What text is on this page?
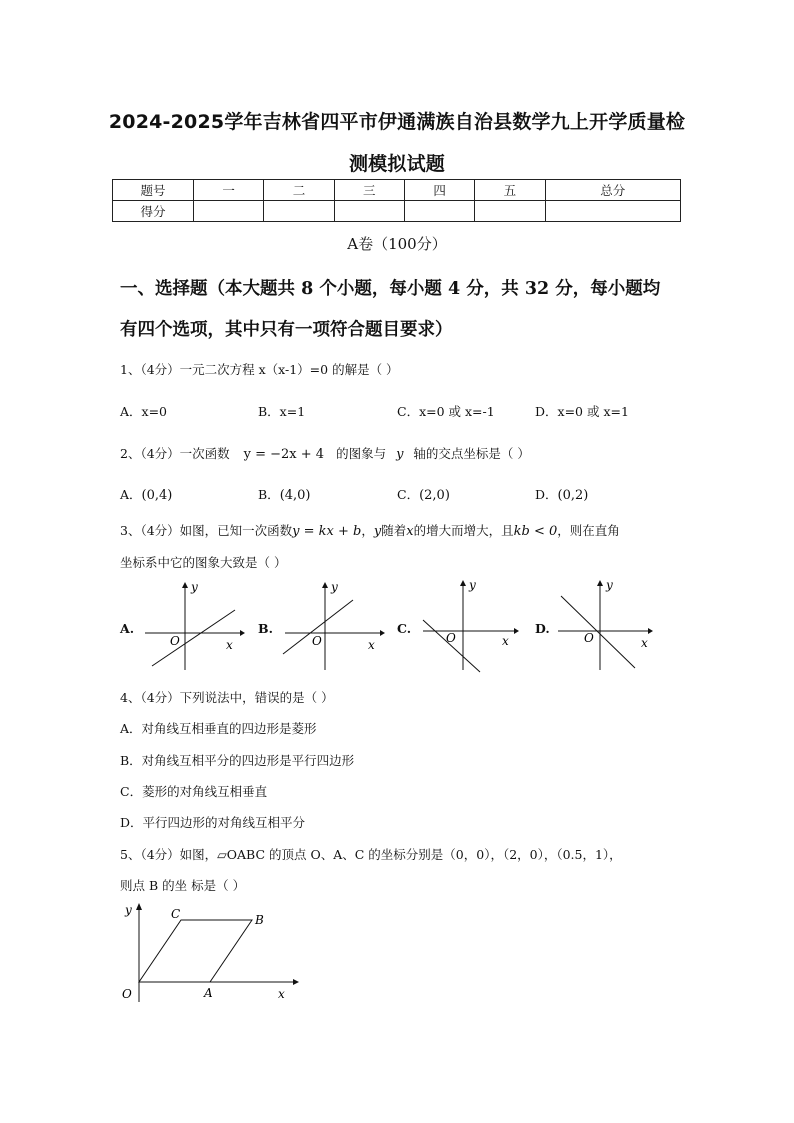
2024-2025学年吉林省四平市伊通满族自治县数学九上开学质量检
测模拟试题
题号	一	二	三	四	五	总分
得分						
A卷（100分）
一、选择题（本大题共 8 个小题，每小题 4 分，共 32 分，每小题均
有四个选项，其中只有一项符合题目要求）
1、（4分）一元二次方程 x（x-1）=0 的解是（ ）
A．x=0	B．x=1	C．x=0 或 x=-1	D．x=0 或 x=1
2、（4分）一次函数 y = −2x + 4 的图象与 y 轴的交点坐标是（ ）
A．(0,4)	B．(4,0)	C．(2,0)	D．(0,2)
3、（4分）如图，已知一次函数y = kx + b，y随着x的增大而增大，且kb < 0，则在直角
坐标系中它的图象大致是（ ）
A.	B.	C.	D.
y
O	x
y
O	x
y
O	x
y
O	x
4、（4分）下列说法中，错误的是（ ）
A．对角线互相垂直的四边形是菱形
B．对角线互相平分的四边形是平行四边形
C．菱形的对角线互相垂直
D．平行四边形的对角线互相平分
5、（4分）如图，▱OABC 的顶点 O、A、C 的坐标分别是（0，0），（2，0），（0.5，1），
则点 B 的坐 标是（ ）
y
O	A
B
C
x
